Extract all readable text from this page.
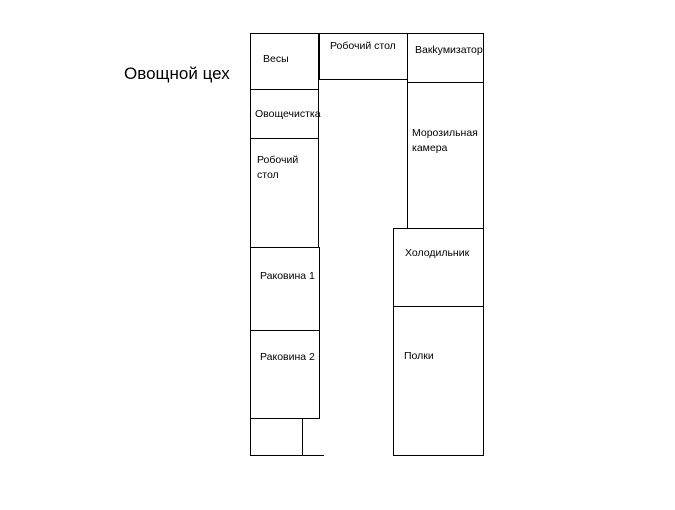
Овощной цех
Весы
Овощечистка
Робочий
стол
Раковина 1
Раковина 2
Робочий стол Вакkумизатор
Морозильная
камера
Холодильник
Полки
